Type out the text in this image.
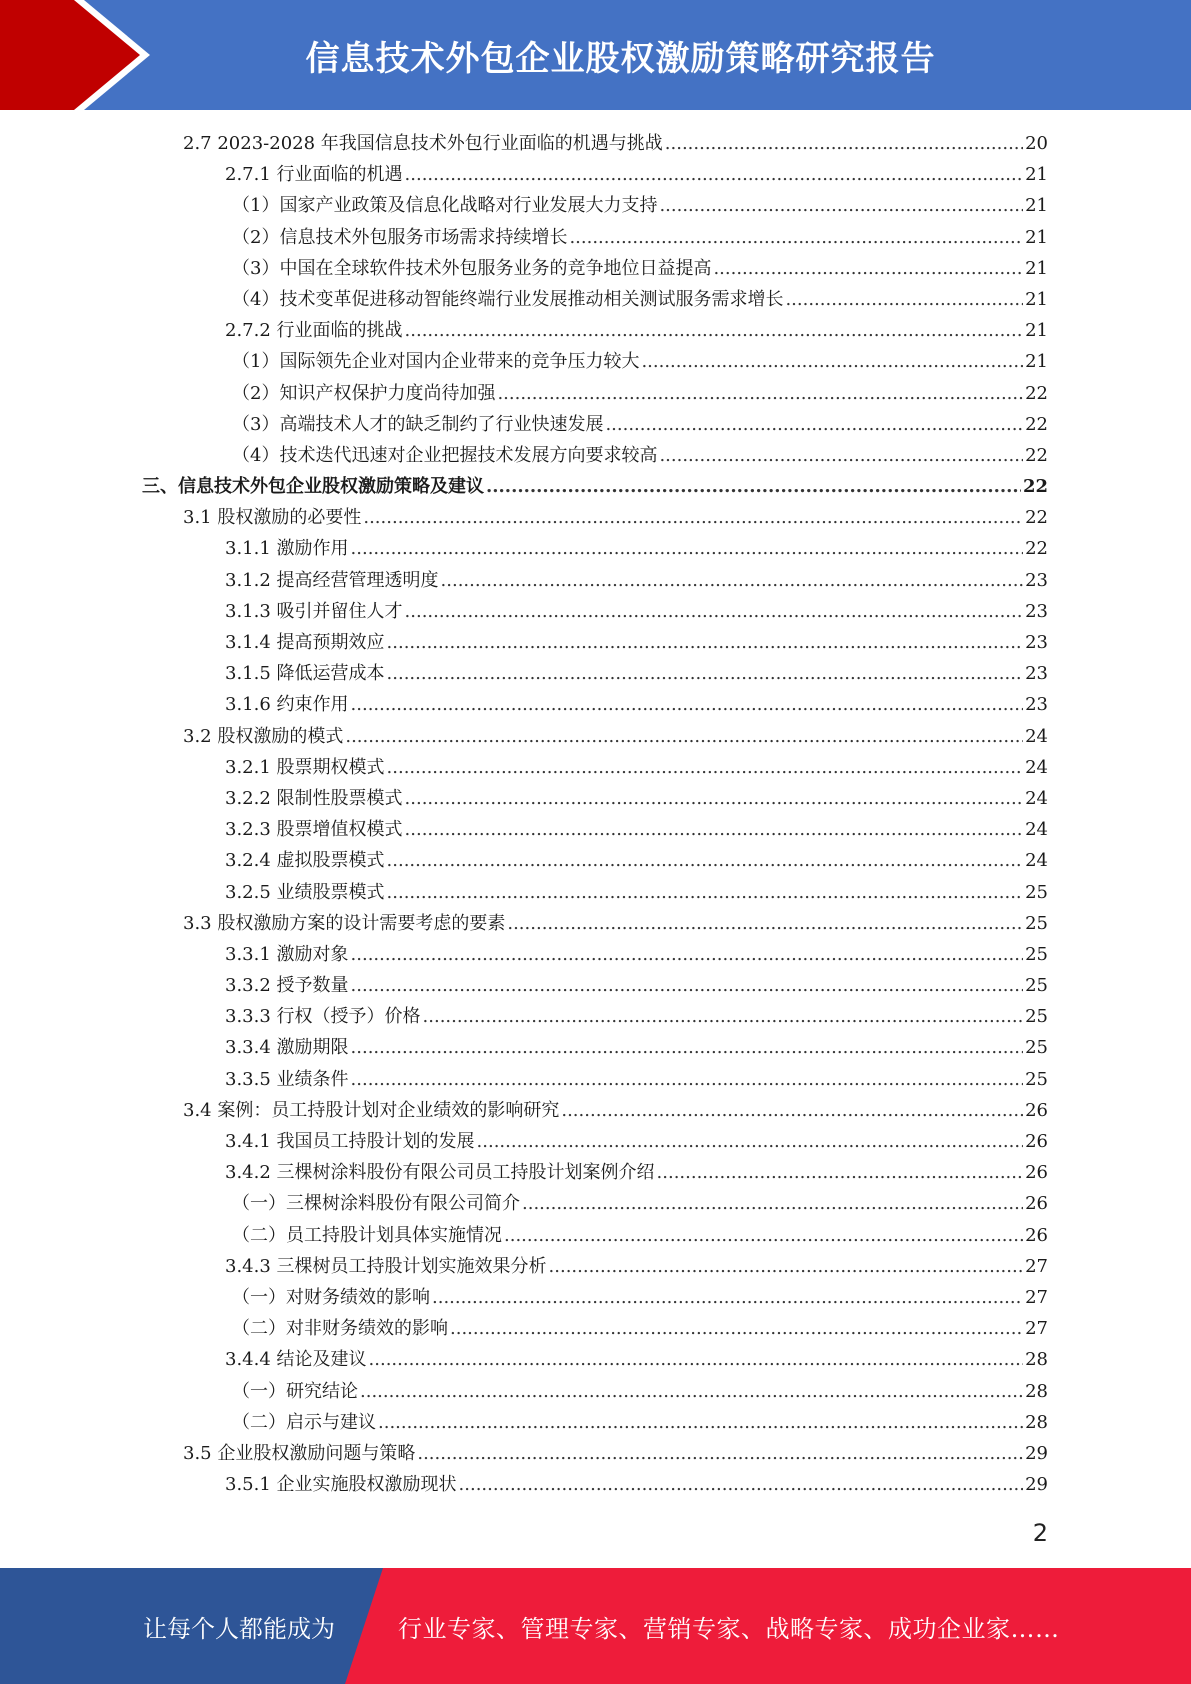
信息技术外包企业股权激励策略研究报告
2.7 2023-2028 年我国信息技术外包行业面临的机遇与挑战 .....	20
2.7.1 行业面临的机遇 .....	21
（1）国家产业政策及信息化战略对行业发展大力支持 .....	21
（2）信息技术外包服务市场需求持续增长 .....	21
（3）中国在全球软件技术外包服务业务的竞争地位日益提高 .....	21
（4）技术变革促进移动智能终端行业发展推动相关测试服务需求增长 .....	21
2.7.2 行业面临的挑战 .....	21
（1）国际领先企业对国内企业带来的竞争压力较大 .....	21
（2）知识产权保护力度尚待加强 .....	22
（3）高端技术人才的缺乏制约了行业快速发展 .....	22
（4）技术迭代迅速对企业把握技术发展方向要求较高 .....	22
三、信息技术外包企业股权激励策略及建议 .....	22
3.1 股权激励的必要性 .....	22
3.1.1 激励作用 .....	22
3.1.2 提高经营管理透明度 .....	23
3.1.3 吸引并留住人才 .....	23
3.1.4 提高预期效应 .....	23
3.1.5 降低运营成本 .....	23
3.1.6 约束作用 .....	23
3.2 股权激励的模式 .....	24
3.2.1 股票期权模式 .....	24
3.2.2 限制性股票模式 .....	24
3.2.3 股票增值权模式 .....	24
3.2.4 虚拟股票模式 .....	24
3.2.5 业绩股票模式 .....	25
3.3 股权激励方案的设计需要考虑的要素 .....	25
3.3.1 激励对象 .....	25
3.3.2 授予数量 .....	25
3.3.3 行权（授予）价格 .....	25
3.3.4 激励期限 .....	25
3.3.5 业绩条件 .....	25
3.4 案例：员工持股计划对企业绩效的影响研究 .....	26
3.4.1 我国员工持股计划的发展 .....	26
3.4.2 三棵树涂料股份有限公司员工持股计划案例介绍 .....	26
（一）三棵树涂料股份有限公司简介 .....	26
（二）员工持股计划具体实施情况 .....	26
3.4.3 三棵树员工持股计划实施效果分析 .....	27
（一）对财务绩效的影响 .....	27
（二）对非财务绩效的影响 .....	27
3.4.4 结论及建议 .....	28
（一）研究结论 .....	28
（二）启示与建议 .....	28
3.5 企业股权激励问题与策略 .....	29
3.5.1 企业实施股权激励现状 .....	29
2
让每个人都能成为	行业专家、管理专家、营销专家、战略专家、成功企业家……
